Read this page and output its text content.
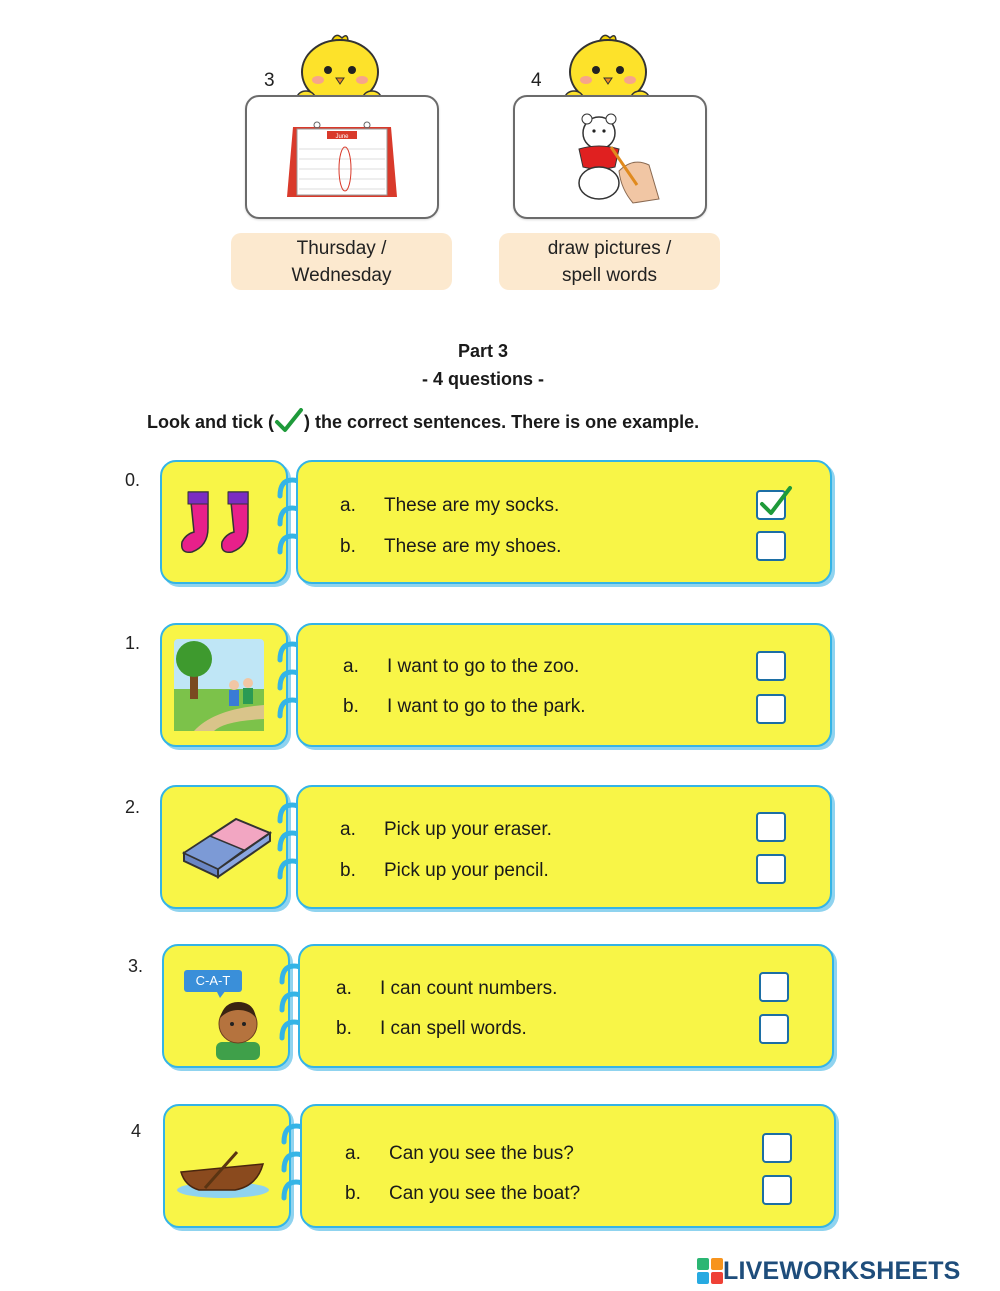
3
June
Thursday /
Wednesday
4
draw pictures /
spell words
Part 3
- 4 questions -
Look and tick ( ) the correct sentences. There is one example.
0.
a. These are my socks.
b. These are my shoes.
1.
a. I want to go to the zoo.
b. I want to go to the park.
2.
a. Pick up your eraser.
b. Pick up your pencil.
3.
C-A-T	a. I can count numbers.
b. I can spell words.
4
a. Can you see the bus?
b. Can you see the boat?
LIVEWORKSHEETS
